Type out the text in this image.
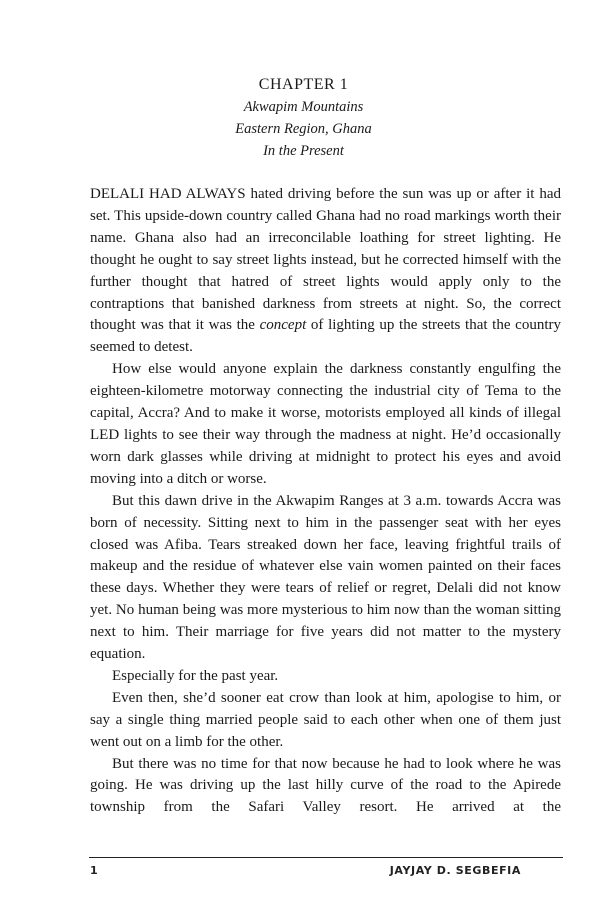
CHAPTER 1

Akwapim Mountains

Eastern Region, Ghana

In the Present

DELALI HAD ALWAYS hated driving before the sun was up or after it had set. This upside-down country called Ghana had no road markings worth their name. Ghana also had an irreconcilable loathing for street lighting. He thought he ought to say street lights instead, but he corrected himself with the further thought that hatred of street lights would apply only to the contraptions that banished darkness from streets at night. So, the correct thought was that it was the concept of lighting up the streets that the country seemed to detest.

How else would anyone explain the darkness constantly engulfing the eighteen-kilometre motorway connecting the industrial city of Tema to the capital, Accra? And to make it worse, motorists employed all kinds of illegal LED lights to see their way through the madness at night. He’d occasionally worn dark glasses while driving at midnight to protect his eyes and avoid moving into a ditch or worse.

But this dawn drive in the Akwapim Ranges at 3 a.m. towards Accra was born of necessity. Sitting next to him in the passenger seat with her eyes closed was Afiba. Tears streaked down her face, leaving frightful trails of makeup and the residue of whatever else vain women painted on their faces these days. Whether they were tears of relief or regret, Delali did not know yet. No human being was more mysterious to him now than the woman sitting next to him. Their marriage for five years did not matter to the mystery equation.

Especially for the past year.

Even then, she’d sooner eat crow than look at him, apologise to him, or say a single thing married people said to each other when one of them just went out on a limb for the other.

But there was no time for that now because he had to look where he was going. He was driving up the last hilly curve of the road to the Apirede township from the Safari Valley resort. He arrived at the

1	JAYJAY D. SEGBEFIA
